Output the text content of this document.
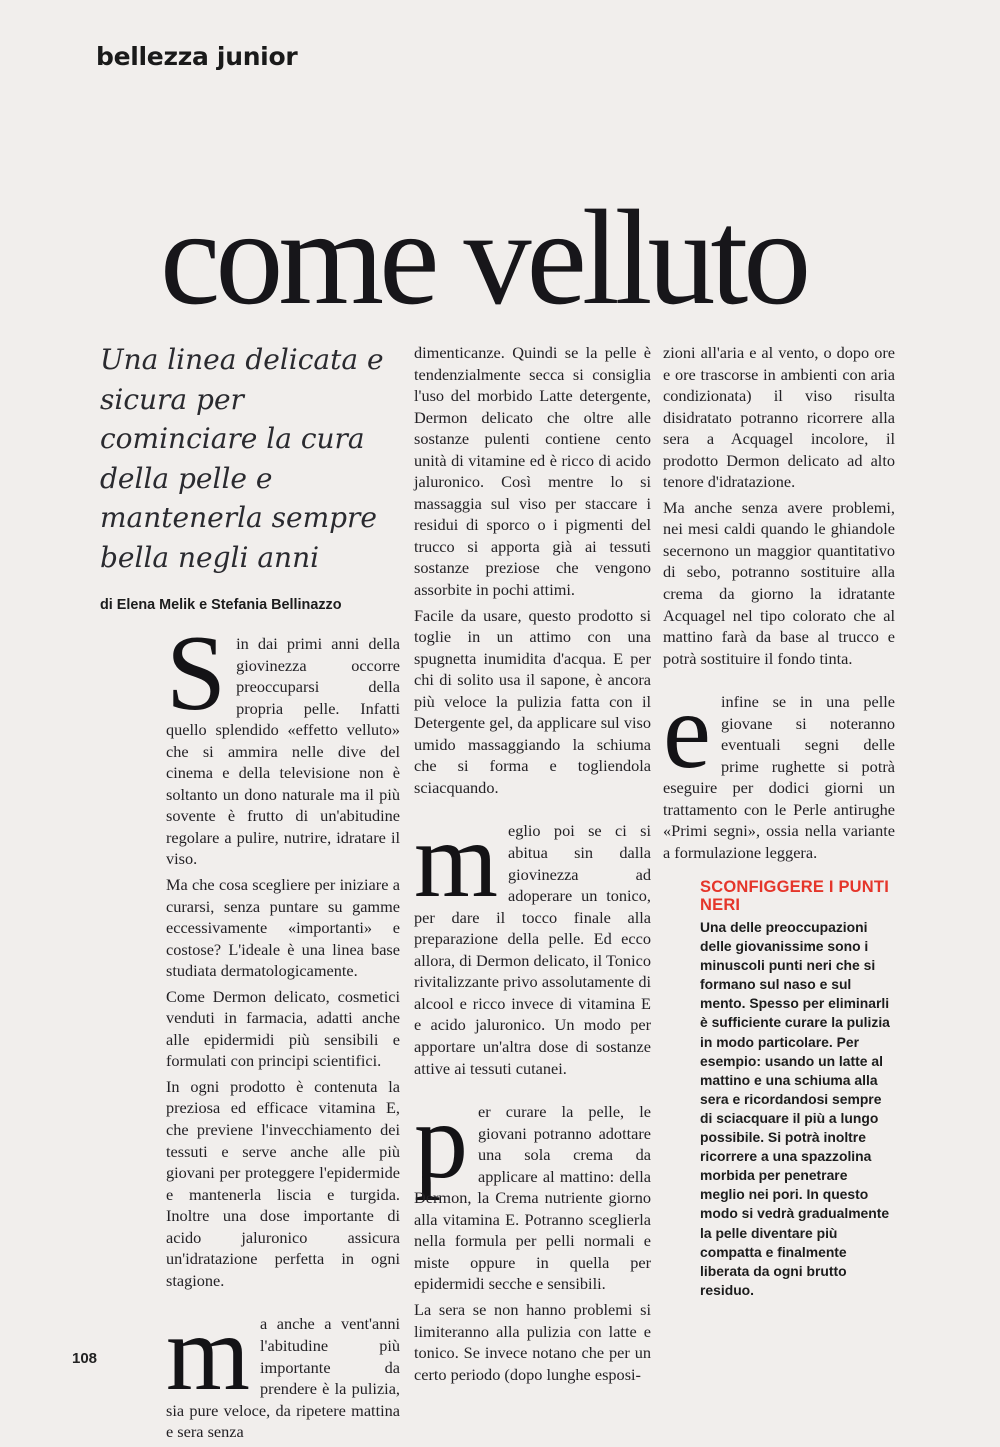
bellezza junior
come velluto
Una linea delicata e sicura per cominciare la cura della pelle e mantenerla sempre bella negli anni
di Elena Melik e Stefania Bellinazzo

Sin dai primi anni della giovinezza occorre preoccuparsi della propria pelle. Infatti quello splendido «effetto velluto» che si ammira nelle dive del cinema e della televisione non è soltanto un dono naturale ma il più sovente è frutto di un'abitudine regolare a pulire, nutrire, idratare il viso.

Ma che cosa scegliere per iniziare a curarsi, senza puntare su gamme eccessivamente «importanti» e costose? L'ideale è una linea base studiata dermatologicamente.

Come Dermon delicato, cosmetici venduti in farmacia, adatti anche alle epidermidi più sensibili e formulati con principi scientifici.

In ogni prodotto è contenuta la preziosa ed efficace vitamina E, che previene l'invecchiamento dei tessuti e serve anche alle più giovani per proteggere l'epidermide e mantenerla liscia e turgida. Inoltre una dose importante di acido jaluronico assicura un'idratazione perfetta in ogni stagione.

ma anche a vent'anni l'abitudine più importante da prendere è la pulizia, sia pure veloce, da ripetere mattina e sera senza

dimenticanze. Quindi se la pelle è tendenzialmente secca si consiglia l'uso del morbido Latte detergente, Dermon delicato che oltre alle sostanze pulenti contiene cento unità di vitamine ed è ricco di acido jaluronico. Così mentre lo si massaggia sul viso per staccare i residui di sporco o i pigmenti del trucco si apporta già ai tessuti sostanze preziose che vengono assorbite in pochi attimi.

Facile da usare, questo prodotto si toglie in un attimo con una spugnetta inumidita d'acqua. E per chi di solito usa il sapone, è ancora più veloce la pulizia fatta con il Detergente gel, da applicare sul viso umido massaggiando la schiuma che si forma e togliendola sciacquando.

meglio poi se ci si abitua sin dalla giovinezza ad adoperare un tonico, per dare il tocco finale alla preparazione della pelle. Ed ecco allora, di Dermon delicato, il Tonico rivitalizzante privo assolutamente di alcool e ricco invece di vitamina E e acido jaluronico. Un modo per apportare un'altra dose di sostanze attive ai tessuti cutanei.

per curare la pelle, le giovani potranno adottare una sola crema da applicare al mattino: della Dermon, la Crema nutriente giorno alla vitamina E. Potranno sceglierla nella formula per pelli normali e miste oppure in quella per epidermidi secche e sensibili.

La sera se non hanno problemi si limiteranno alla pulizia con latte e tonico. Se invece notano che per un certo periodo (dopo lunghe esposi-

zioni all'aria e al vento, o dopo ore e ore trascorse in ambienti con aria condizionata) il viso risulta disidratato potranno ricorrere alla sera a Acquagel incolore, il prodotto Dermon delicato ad alto tenore d'idratazione.

Ma anche senza avere problemi, nei mesi caldi quando le ghiandole secernono un maggior quantitativo di sebo, potranno sostituire alla crema da giorno la idratante Acquagel nel tipo colorato che al mattino farà da base al trucco e potrà sostituire il fondo tinta.

einfine se in una pelle giovane si noteranno eventuali segni delle prime rughette si potrà eseguire per dodici giorni un trattamento con le Perle antirughe «Primi segni», ossia nella variante a formulazione leggera.

SCONFIGGERE I PUNTI NERI
Una delle preoccupazioni delle giovanissime sono i minuscoli punti neri che si formano sul naso e sul mento. Spesso per eliminarli è sufficiente curare la pulizia in modo particolare. Per esempio: usando un latte al mattino e una schiuma alla sera e ricordandosi sempre di sciacquare il più a lungo possibile. Si potrà inoltre ricorrere a una spazzolina morbida per penetrare meglio nei pori. In questo modo si vedrà gradualmente la pelle diventare più compatta e finalmente liberata da ogni brutto residuo.
108
